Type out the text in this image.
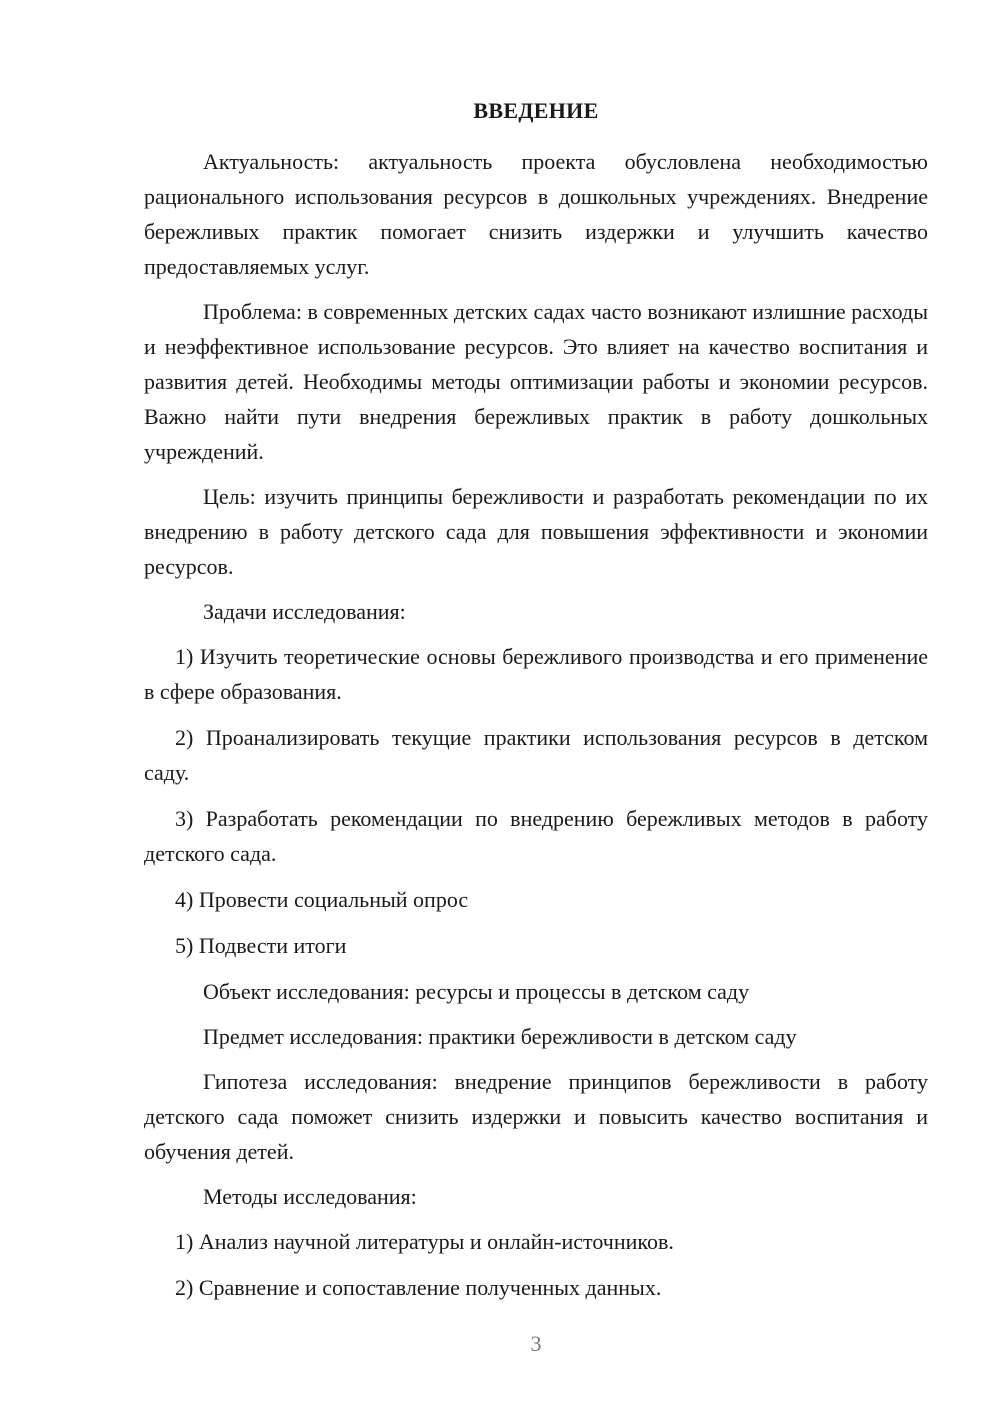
ВВЕДЕНИЕ

Актуальность: актуальность проекта обусловлена необходимостью рационального использования ресурсов в дошкольных учреждениях. Внедрение бережливых практик помогает снизить издержки и улучшить качество предоставляемых услуг.

Проблема: в современных детских садах часто возникают излишние расходы и неэффективное использование ресурсов. Это влияет на качество воспитания и развития детей. Необходимы методы оптимизации работы и экономии ресурсов. Важно найти пути внедрения бережливых практик в работу дошкольных учреждений.

Цель: изучить принципы бережливости и разработать рекомендации по их внедрению в работу детского сада для повышения эффективности и экономии ресурсов.

Задачи исследования:

1) Изучить теоретические основы бережливого производства и его применение в сфере образования.

2) Проанализировать текущие практики использования ресурсов в детском саду.

3) Разработать рекомендации по внедрению бережливых методов в работу детского сада.

4) Провести социальный опрос

5) Подвести итоги

Объект исследования: ресурсы и процессы в детском саду

Предмет исследования: практики бережливости в детском саду

Гипотеза исследования: внедрение принципов бережливости в работу детского сада поможет снизить издержки и повысить качество воспитания и обучения детей.

Методы исследования:

1) Анализ научной литературы и онлайн-источников.

2) Сравнение и сопоставление полученных данных.

3
